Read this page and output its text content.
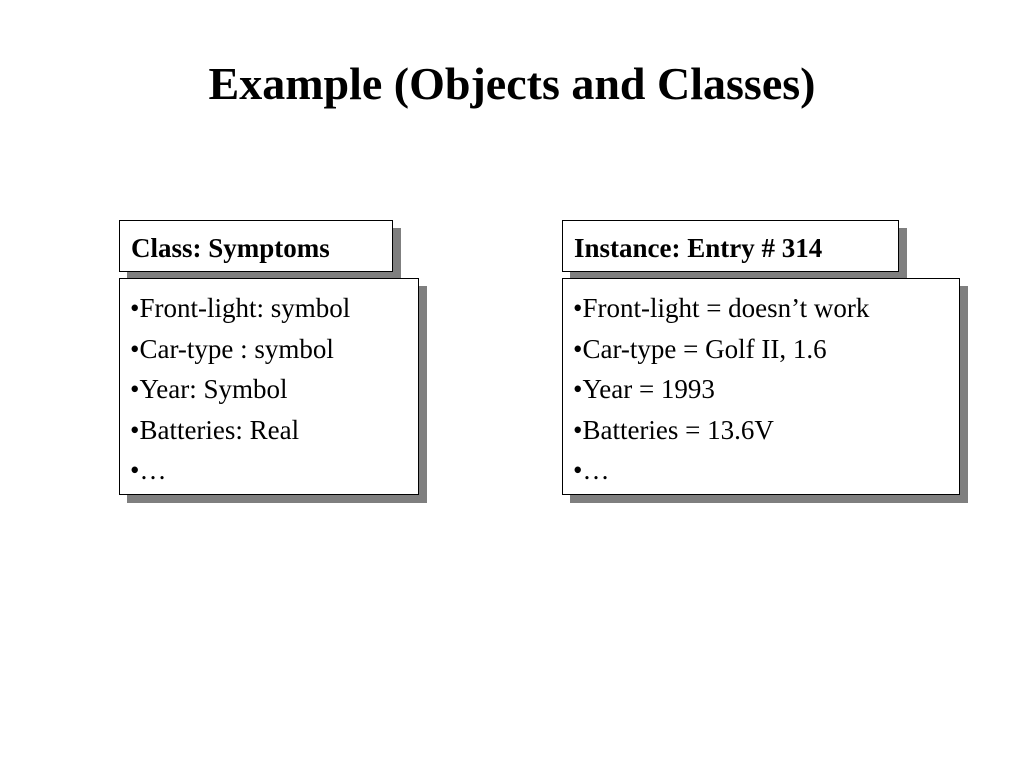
Example (Objects and Classes)
Class: Symptoms
•Front-light: symbol
•Car-type : symbol
•Year: Symbol
•Batteries: Real
•…
Instance: Entry # 314
•Front-light = doesn’t work
•Car-type = Golf II, 1.6
•Year = 1993
•Batteries = 13.6V
•…
